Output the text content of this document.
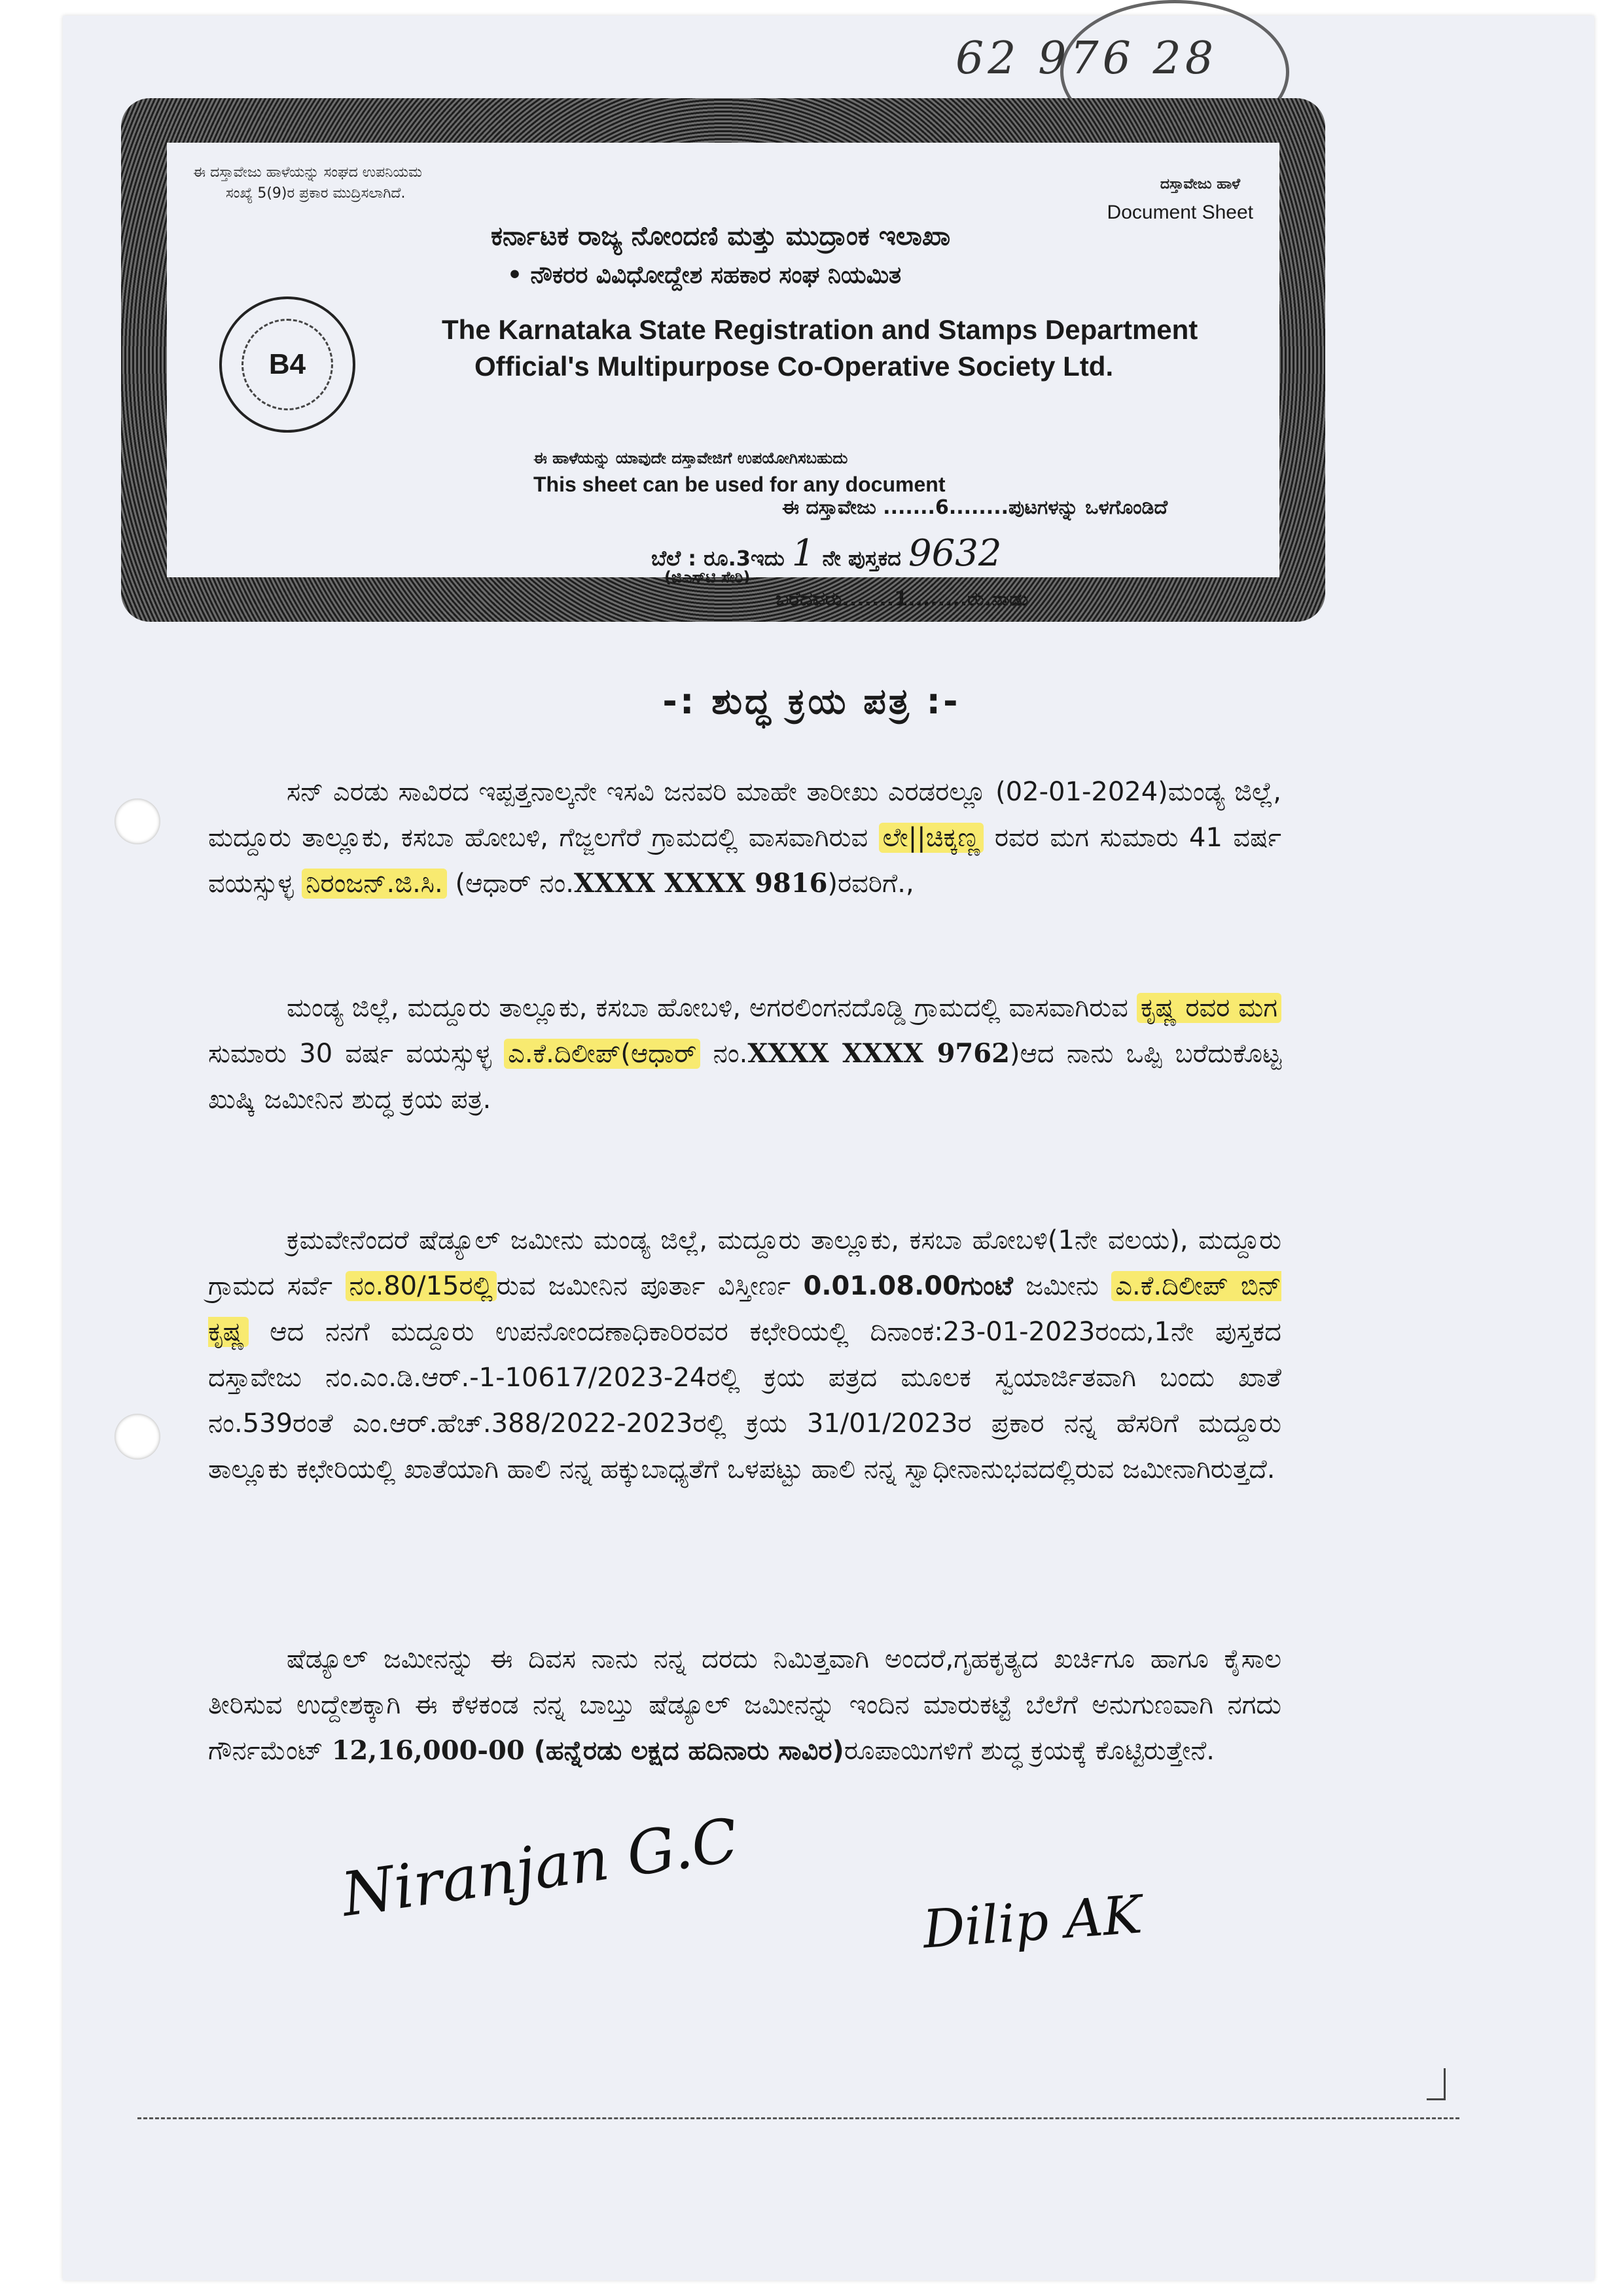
62 976 28
ಈ ದಸ್ತಾವೇಜು ಹಾಳೆಯನ್ನು ಸಂಘದ ಉಪನಿಯಮ
ಸಂಖ್ಯೆ 5(9)ರ ಪ್ರಕಾರ ಮುದ್ರಿಸಲಾಗಿದೆ.
ದಸ್ತಾವೇಜು ಹಾಳೆ
Document Sheet
ಕರ್ನಾಟಕ ರಾಜ್ಯ ನೋಂದಣಿ ಮತ್ತು ಮುದ್ರಾಂಕ ಇಲಾಖಾ
• ನೌಕರರ ವಿವಿಧೋದ್ದೇಶ ಸಹಕಾರ ಸಂಘ ನಿಯಮಿತ
B4
The Karnataka State Registration and Stamps Department
Official's Multipurpose Co-Operative Society Ltd.
ಈ ಹಾಳೆಯನ್ನು ಯಾವುದೇ ದಸ್ತಾವೇಜಿಗೆ ಉಪಯೋಗಿಸಬಹುದು
This sheet can be used for any document
ಈ ದಸ್ತಾವೇಜು .......6........ಪುಟಗಳನ್ನು ಒಳಗೊಂಡಿದೆ
ಬೆಲೆ : ರೂ.3ಇದು 1 ನೇ ಪುಸ್ತಕದ 9632
(ಜಿಎಸ್‌ಟಿ ಸೇರಿ)
ಬರೆದವರು.......1........ರು.ನಾಡು
-: ಶುದ್ಧ ಕ್ರಯ ಪತ್ರ :-
ಸನ್ ಎರಡು ಸಾವಿರದ ಇಪ್ಪತ್ತನಾಲ್ಕನೇ ಇಸವಿ ಜನವರಿ ಮಾಹೇ ತಾರೀಖು ಎರಡರಲ್ಲೂ (02-01-2024)ಮಂಡ್ಯ ಜಿಲ್ಲೆ, ಮದ್ದೂರು ತಾಲ್ಲೂಕು, ಕಸಬಾ ಹೋಬಳಿ, ಗೆಜ್ಜಲಗೆರೆ ಗ್ರಾಮದಲ್ಲಿ ವಾಸವಾಗಿರುವ ಲೇ||ಚಿಕ್ಕಣ್ಣ ರವರ ಮಗ ಸುಮಾರು 41 ವರ್ಷ ವಯಸ್ಸುಳ್ಳ ನಿರಂಜನ್.ಜಿ.ಸಿ. (ಆಧಾರ್ ನಂ.XXXX XXXX 9816)ರವರಿಗೆ.,
ಮಂಡ್ಯ ಜಿಲ್ಲೆ, ಮದ್ದೂರು ತಾಲ್ಲೂಕು, ಕಸಬಾ ಹೋಬಳಿ, ಅಗರಲಿಂಗನದೊಡ್ಡಿ ಗ್ರಾಮದಲ್ಲಿ ವಾಸವಾಗಿರುವ ಕೃಷ್ಣ ರವರ ಮಗ ಸುಮಾರು 30 ವರ್ಷ ವಯಸ್ಸುಳ್ಳ ಎ.ಕೆ.ದಿಲೀಪ್(ಆಧಾರ್ ನಂ.XXXX XXXX 9762)ಆದ ನಾನು ಒಪ್ಪಿ ಬರೆದುಕೊಟ್ಟ ಖುಷ್ಕಿ ಜಮೀನಿನ ಶುದ್ಧ ಕ್ರಯ ಪತ್ರ.
ಕ್ರಮವೇನೆಂದರೆ ಷೆಡ್ಯೂಲ್ ಜಮೀನು ಮಂಡ್ಯ ಜಿಲ್ಲೆ, ಮದ್ದೂರು ತಾಲ್ಲೂಕು, ಕಸಬಾ ಹೋಬಳಿ(1ನೇ ವಲಯ), ಮದ್ದೂರು ಗ್ರಾಮದ ಸರ್ವೆ ನಂ.80/15ರಲ್ಲಿ ರುವ ಜಮೀನಿನ ಪೂರ್ತಾ ವಿಸ್ತೀರ್ಣ 0.01.08.00ಗುಂಟೆ ಜಮೀನು ಎ.ಕೆ.ದಿಲೀಪ್ ಬಿನ್ ಕೃಷ್ಣ ಆದ ನನಗೆ ಮದ್ದೂರು ಉಪನೋಂದಣಾಧಿಕಾರಿರವರ ಕಛೇರಿಯಲ್ಲಿ ದಿನಾಂಕ:23-01-2023ರಂದು,1ನೇ ಪುಸ್ತಕದ ದಸ್ತಾವೇಜು ನಂ.ಎಂ.ಡಿ.ಆರ್.-1-10617/2023-24ರಲ್ಲಿ ಕ್ರಯ ಪತ್ರದ ಮೂಲಕ ಸ್ವಯಾರ್ಜಿತವಾಗಿ ಬಂದು ಖಾತೆ ನಂ.539ರಂತೆ ಎಂ.ಆರ್.ಹೆಚ್.388/2022-2023ರಲ್ಲಿ ಕ್ರಯ 31/01/2023ರ ಪ್ರಕಾರ ನನ್ನ ಹೆಸರಿಗೆ ಮದ್ದೂರು ತಾಲ್ಲೂಕು ಕಛೇರಿಯಲ್ಲಿ ಖಾತೆಯಾಗಿ ಹಾಲಿ ನನ್ನ ಹಕ್ಕುಬಾಧ್ಯತೆಗೆ ಒಳಪಟ್ಟು ಹಾಲಿ ನನ್ನ ಸ್ವಾಧೀನಾನುಭವದಲ್ಲಿರುವ ಜಮೀನಾಗಿರುತ್ತದೆ.
ಷೆಡ್ಯೂಲ್ ಜಮೀನನ್ನು ಈ ದಿವಸ ನಾನು ನನ್ನ ದರದು ನಿಮಿತ್ತವಾಗಿ ಅಂದರೆ,ಗೃಹಕೃತ್ಯದ ಖರ್ಚಿಗೂ ಹಾಗೂ ಕೈಸಾಲ ತೀರಿಸುವ ಉದ್ದೇಶಕ್ಕಾಗಿ ಈ ಕೆಳಕಂಡ ನನ್ನ ಬಾಬ್ತು ಷೆಡ್ಯೂಲ್ ಜಮೀನನ್ನು ಇಂದಿನ ಮಾರುಕಟ್ಟೆ ಬೆಲೆಗೆ ಅನುಗುಣವಾಗಿ ನಗದು ಗೌರ್ನಮೆಂಟ್ 12,16,000-00 (ಹನ್ನೆರಡು ಲಕ್ಷದ ಹದಿನಾರು ಸಾವಿರ)ರೂಪಾಯಿಗಳಿಗೆ ಶುದ್ಧ ಕ್ರಯಕ್ಕೆ ಕೊಟ್ಟಿರುತ್ತೇನೆ.
Niranjan G.C	Dilip AK
